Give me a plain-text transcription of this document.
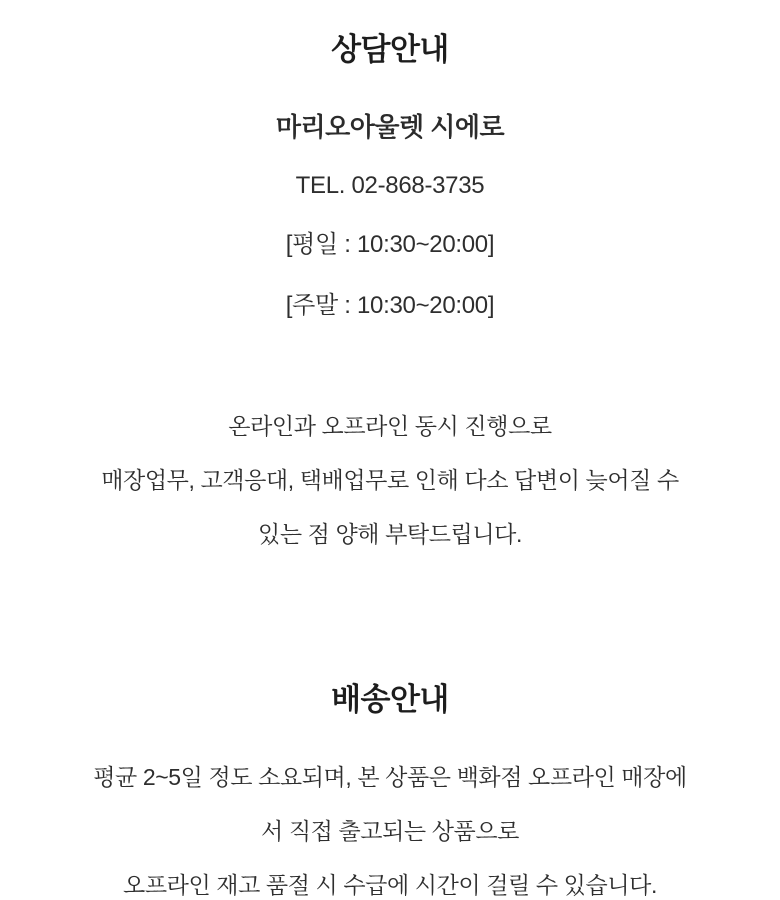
상담안내
마리오아울렛 시에로
TEL. 02-868-3735
[평일 : 10:30~20:00]
[주말 : 10:30~20:00]
온라인과 오프라인 동시 진행으로
매장업무, 고객응대, 택배업무로 인해 다소 답변이 늦어질 수
있는 점 양해 부탁드립니다.
배송안내
평균 2~5일 정도 소요되며, 본 상품은 백화점 오프라인 매장에
서 직접 출고되는 상품으로
오프라인 재고 품절 시 수급에 시간이 걸릴 수 있습니다.
